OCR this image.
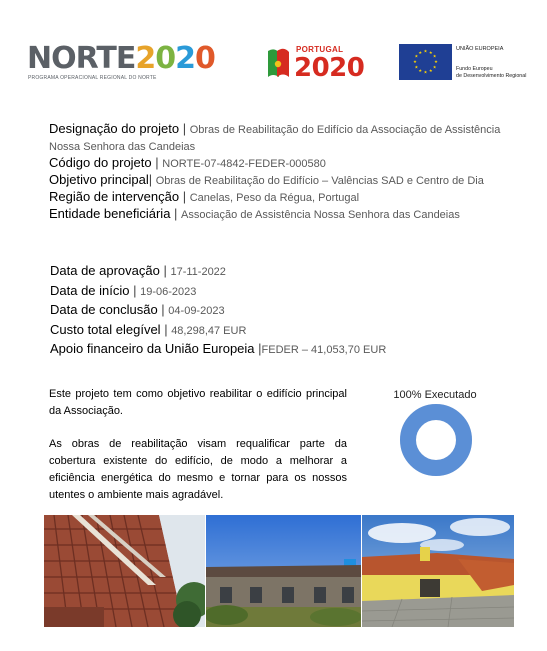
NORTE2020
PROGRAMA OPERACIONAL REGIONAL DO NORTE
PORTUGAL
2020
★ ★
★
★
★
★
★
★
★
★
★
★
UNIÃO EUROPEIA
Fundo Europeu
de Desenvolvimento Regional
Designação do projeto | Obras de Reabilitação do Edifício da Associação de Assistência Nossa Senhora das Candeias
Código do projeto | NORTE-07-4842-FEDER-000580
Objetivo principal| Obras de Reabilitação do Edifício – Valências SAD e Centro de Dia
Região de intervenção | Canelas, Peso da Régua, Portugal
Entidade beneficiária | Associação de Assistência Nossa Senhora das Candeias
Data de aprovação | 17-11-2022
Data de início | 19-06-2023
Data de conclusão | 04-09-2023
Custo total elegível | 48,298,47 EUR
Apoio financeiro da União Europeia |FEDER – 41,053,70 EUR

Este projeto tem como objetivo reabilitar o edifício principal da Associação.

As obras de reabilitação visam requalificar parte da cobertura existente do edifício, de modo a melhorar a eficiência energética do mesmo e tornar para os nossos utentes o ambiente mais agradável.

100% Executado
